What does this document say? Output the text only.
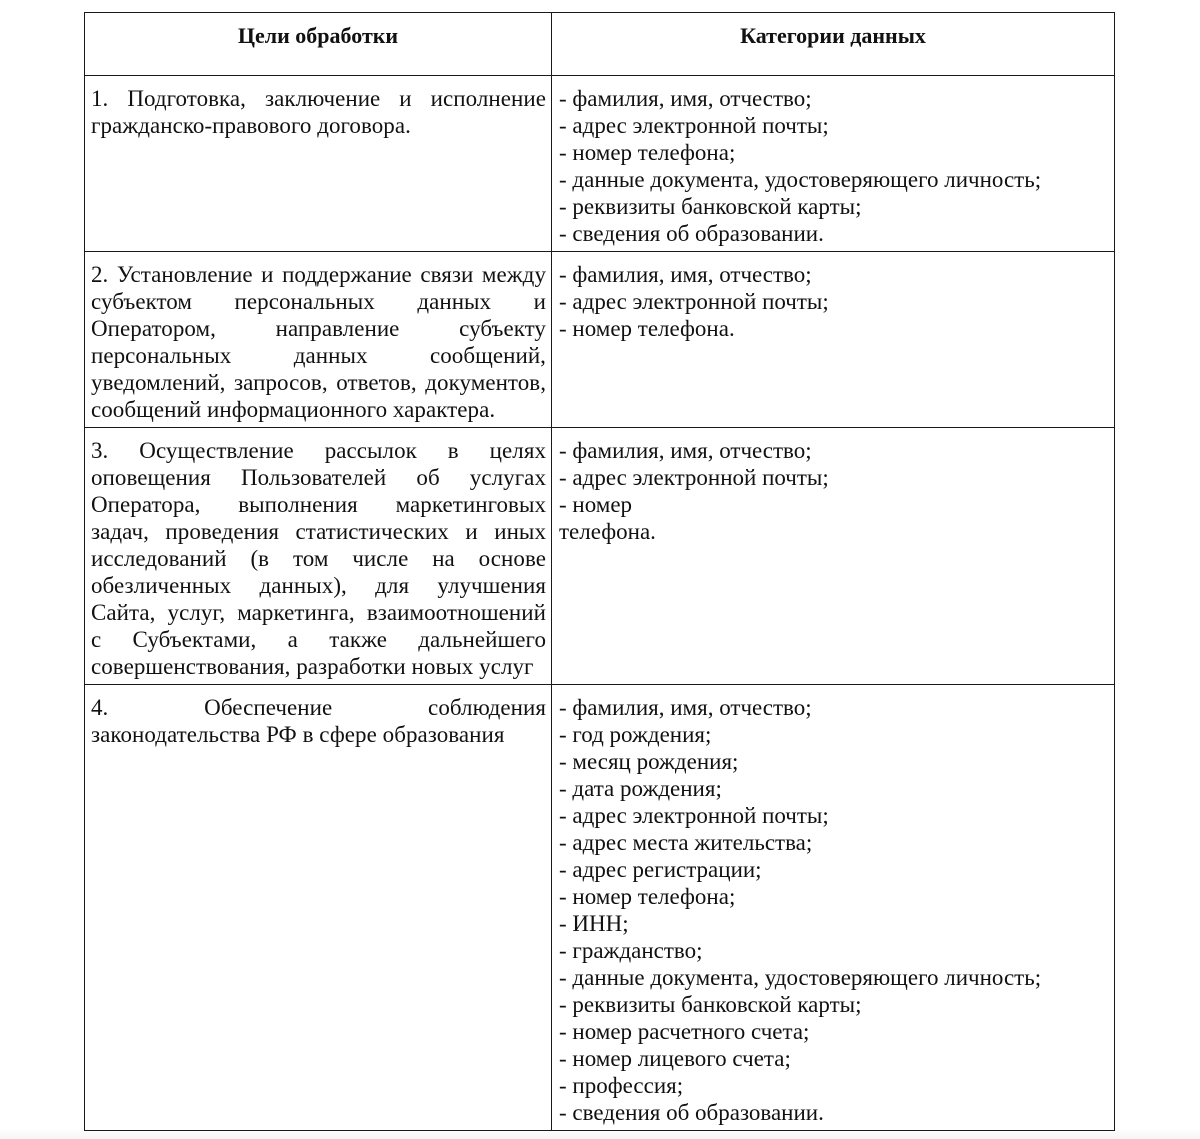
Цели обработки	Категории данных

1. Подготовка, заключение и исполнение
гражданско-правового договора.

- фамилия, имя, отчество;
- адрес электронной почты;
- номер телефона;
- данные документа, удостоверяющего личность;
- реквизиты банковской карты;
- сведения об образовании.

2. Установление и поддержание связи между
субъектом персональных данных и
Оператором, направление субъекту
персональных данных сообщений,
уведомлений, запросов, ответов, документов,
сообщений информационного характера.

- фамилия, имя, отчество;
- адрес электронной почты;
- номер телефона.

3. Осуществление рассылок в целях
оповещения Пользователей об услугах
Оператора, выполнения маркетинговых
задач, проведения статистических и иных
исследований (в том числе на основе
обезличенных данных), для улучшения
Сайта, услуг, маркетинга, взаимоотношений
с Субъектами, а также дальнейшего
совершенствования, разработки новых услуг

- фамилия, имя, отчество;
- адрес электронной почты;
- номер
телефона.

4. Обеспечение соблюдения
законодательства РФ в сфере образования

- фамилия, имя, отчество;
- год рождения;
- месяц рождения;
- дата рождения;
- адрес электронной почты;
- адрес места жительства;
- адрес регистрации;
- номер телефона;
- ИНН;
- гражданство;
- данные документа, удостоверяющего личность;
- реквизиты банковской карты;
- номер расчетного счета;
- номер лицевого счета;
- профессия;
- сведения об образовании.
